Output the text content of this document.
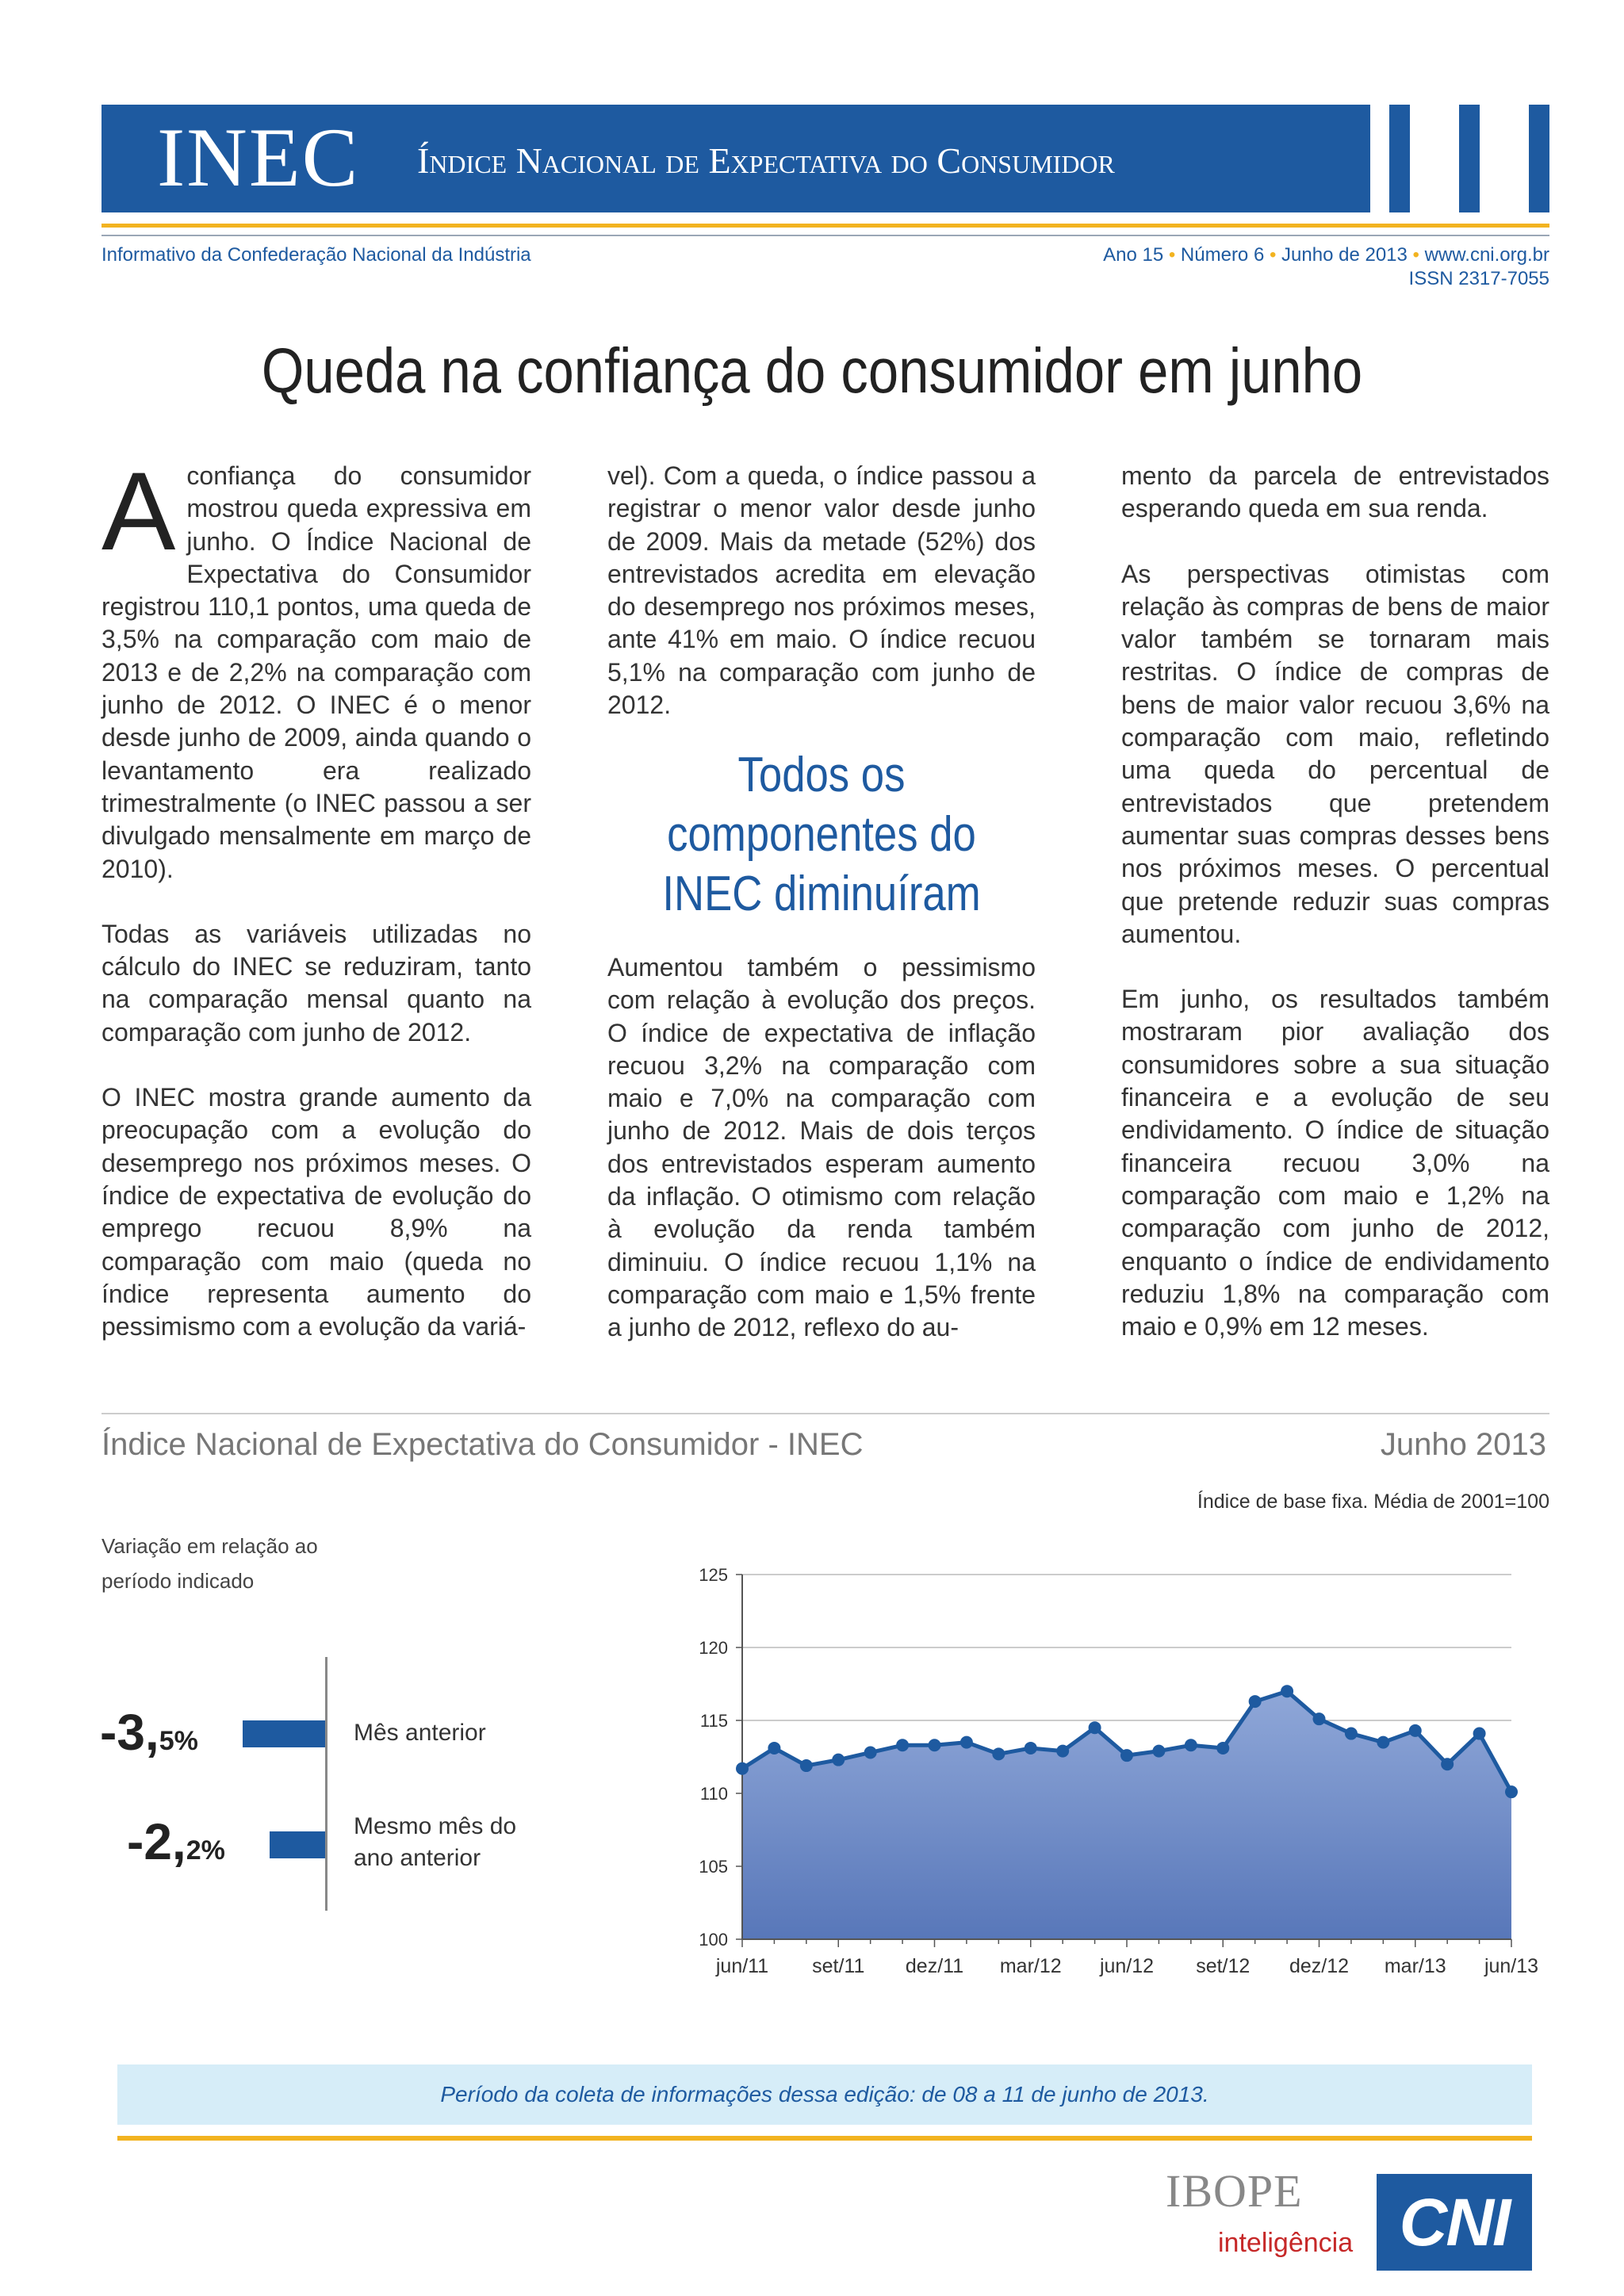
INEC Índice Nacional de Expectativa do Consumidor
Informativo da Confederação Nacional da Indústria	Ano 15 • Número 6 • Junho de 2013 • www.cni.org.br
ISSN 2317-7055
Queda na confiança do consumidor em junho

Aconfiança do consumidor mostrou queda expressiva em junho. O Índice Nacional de Expectativa do Consumidor registrou 110,1 pontos, uma queda de 3,5% na comparação com maio de 2013 e de 2,2% na comparação com junho de 2012. O INEC é o menor desde junho de 2009, ainda quando o levantamento era realizado trimestralmente (o INEC passou a ser divulgado mensalmente em março de 2010).

Todas as variáveis utilizadas no cálculo do INEC se reduziram, tanto na comparação mensal quanto na comparação com junho de 2012.

O INEC mostra grande aumento da preocupação com a evolução do desemprego nos próximos meses. O índice de expectativa de evolução do emprego recuou 8,9% na comparação com maio (queda no índice representa aumento do pessimismo com a evolução da variá-

vel). Com a queda, o índice passou a registrar o menor valor desde junho de 2009. Mais da metade (52%) dos entrevistados acredita em elevação do desemprego nos próximos meses, ante 41% em maio. O índice recuou 5,1% na comparação com junho de 2012.

Todos os componentes do INEC diminuíram

Aumentou também o pessimismo com relação à evolução dos preços. O índice de expectativa de inflação recuou 3,2% na comparação com maio e 7,0% na comparação com junho de 2012. Mais de dois terços dos entrevistados esperam aumento da inflação. O otimismo com relação à evolução da renda também diminuiu. O índice recuou 1,1% na comparação com maio e 1,5% frente a junho de 2012, reflexo do au-

mento da parcela de entrevistados esperando queda em sua renda.

As perspectivas otimistas com relação às compras de bens de maior valor também se tornaram mais restritas. O índice de compras de bens de maior valor recuou 3,6% na comparação com maio, refletindo uma queda do percentual de entrevistados que pretendem aumentar suas compras desses bens nos próximos meses. O percentual que pretende reduzir suas compras aumentou.

Em junho, os resultados também mostraram pior avaliação dos consumidores sobre a sua situação financeira e a evolução de seu endividamento. O índice de situação financeira recuou 3,0% na comparação com maio e 1,2% na comparação com junho de 2012, enquanto o índice de endividamento reduziu 1,8% na comparação com maio e 0,9% em 12 meses.

Índice Nacional de Expectativa do Consumidor - INEC	Junho 2013
Índice de base fixa. Média de 2001=100
Variação em relação ao período indicado
-3,5%	Mês anterior
-2,2%
Mesmo mês do ano anterior
100
105
110
115
120
125
jun/11 set/11 dez/11 mar/12 jun/12 set/12 dez/12 mar/13 jun/13
Período da coleta de informações dessa edição: de 08 a 11 de junho de 2013.
IBOPE
inteligência CNI
